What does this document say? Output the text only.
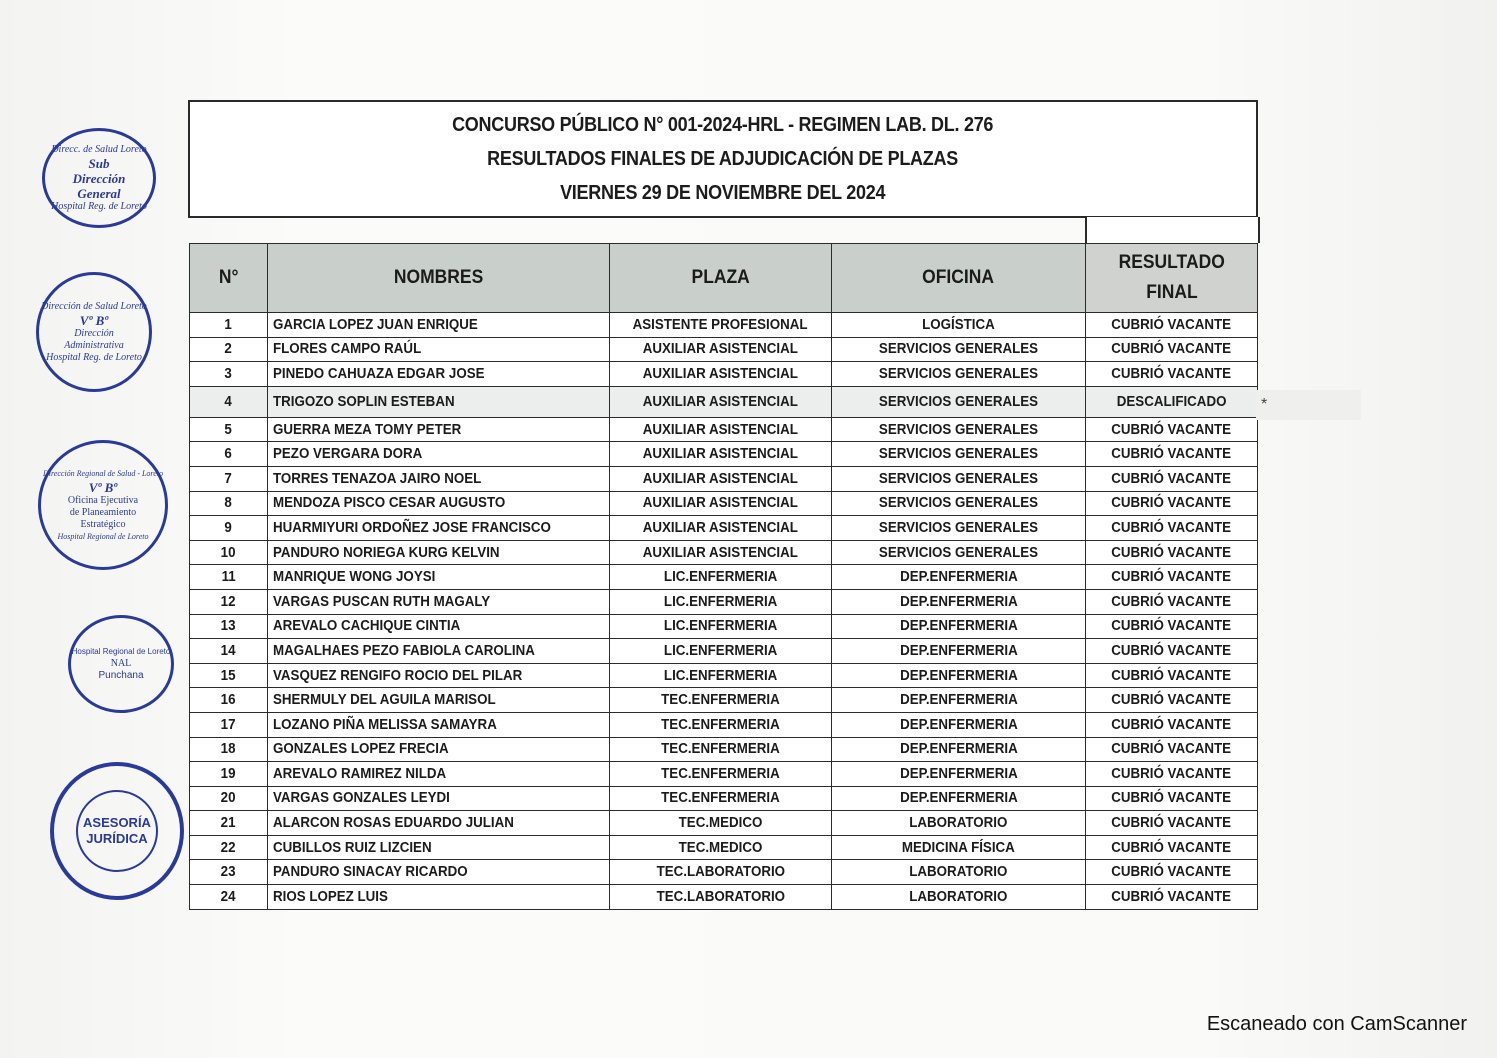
Direcc. de Salud Loreto
Sub
Dirección
General
Hospital Reg. de Loreto
Dirección de Salud Loreto
Vº Bº
Dirección
Administrativa
Hospital Reg. de Loreto
Dirección Regional de Salud - Loreto
Vº Bº
Oficina Ejecutiva
de Planeamiento
Estratégico
Hospital Regional de Loreto
Hospital Regional de Loreto
NAL
Punchana
ASESORÍA
JURÍDICA
CONCURSO PÚBLICO N° 001-2024-HRL - REGIMEN LAB. DL. 276
RESULTADOS FINALES DE ADJUDICACIÓN DE PLAZAS
VIERNES 29 DE NOVIEMBRE DEL 2024
N°	NOMBRES	PLAZA	OFICINA	RESULTADO
FINAL
1	GARCIA LOPEZ JUAN ENRIQUE	ASISTENTE PROFESIONAL	LOGÍSTICA	CUBRIÓ VACANTE
2	FLORES CAMPO RAÚL	AUXILIAR ASISTENCIAL	SERVICIOS GENERALES	CUBRIÓ VACANTE
3	PINEDO CAHUAZA EDGAR JOSE	AUXILIAR ASISTENCIAL	SERVICIOS GENERALES	CUBRIÓ VACANTE
4	TRIGOZO SOPLIN ESTEBAN	AUXILIAR ASISTENCIAL	SERVICIOS GENERALES	DESCALIFICADO
5	GUERRA MEZA TOMY PETER	AUXILIAR ASISTENCIAL	SERVICIOS GENERALES	CUBRIÓ VACANTE
6	PEZO VERGARA DORA	AUXILIAR ASISTENCIAL	SERVICIOS GENERALES	CUBRIÓ VACANTE
7	TORRES TENAZOA JAIRO NOEL	AUXILIAR ASISTENCIAL	SERVICIOS GENERALES	CUBRIÓ VACANTE
8	MENDOZA PISCO CESAR AUGUSTO	AUXILIAR ASISTENCIAL	SERVICIOS GENERALES	CUBRIÓ VACANTE
9	HUARMIYURI ORDOÑEZ JOSE FRANCISCO	AUXILIAR ASISTENCIAL	SERVICIOS GENERALES	CUBRIÓ VACANTE
10	PANDURO NORIEGA KURG KELVIN	AUXILIAR ASISTENCIAL	SERVICIOS GENERALES	CUBRIÓ VACANTE
11	MANRIQUE WONG JOYSI	LIC.ENFERMERIA	DEP.ENFERMERIA	CUBRIÓ VACANTE
12	VARGAS PUSCAN RUTH MAGALY	LIC.ENFERMERIA	DEP.ENFERMERIA	CUBRIÓ VACANTE
13	AREVALO CACHIQUE CINTIA	LIC.ENFERMERIA	DEP.ENFERMERIA	CUBRIÓ VACANTE
14	MAGALHAES PEZO FABIOLA CAROLINA	LIC.ENFERMERIA	DEP.ENFERMERIA	CUBRIÓ VACANTE
15	VASQUEZ RENGIFO ROCIO DEL PILAR	LIC.ENFERMERIA	DEP.ENFERMERIA	CUBRIÓ VACANTE
16	SHERMULY DEL AGUILA MARISOL	TEC.ENFERMERIA	DEP.ENFERMERIA	CUBRIÓ VACANTE
17	LOZANO PIÑA MELISSA SAMAYRA	TEC.ENFERMERIA	DEP.ENFERMERIA	CUBRIÓ VACANTE
18	GONZALES LOPEZ FRECIA	TEC.ENFERMERIA	DEP.ENFERMERIA	CUBRIÓ VACANTE
19	AREVALO RAMIREZ NILDA	TEC.ENFERMERIA	DEP.ENFERMERIA	CUBRIÓ VACANTE
20	VARGAS GONZALES LEYDI	TEC.ENFERMERIA	DEP.ENFERMERIA	CUBRIÓ VACANTE
21	ALARCON ROSAS EDUARDO JULIAN	TEC.MEDICO	LABORATORIO	CUBRIÓ VACANTE
22	CUBILLOS RUIZ LIZCIEN	TEC.MEDICO	MEDICINA FÍSICA	CUBRIÓ VACANTE
23	PANDURO SINACAY RICARDO	TEC.LABORATORIO	LABORATORIO	CUBRIÓ VACANTE
24	RIOS LOPEZ LUIS	TEC.LABORATORIO	LABORATORIO	CUBRIÓ VACANTE
*
Escaneado con CamScanner
